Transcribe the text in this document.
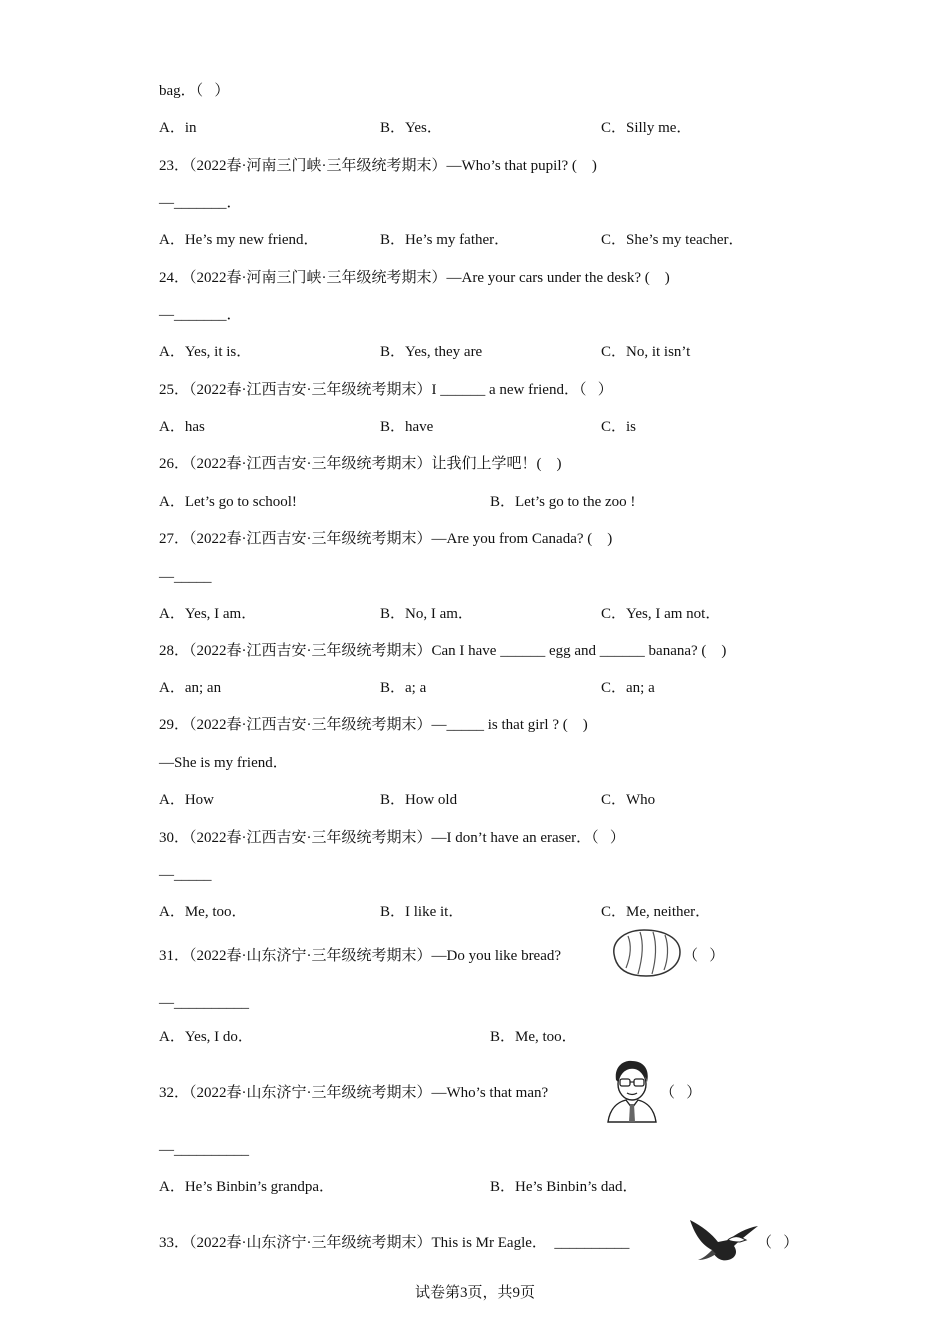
bag．（   ）
A．in	B．Yes．	C．Silly me．
23．（2022春·河南三门峡·三年级统考期末）—Who’s that pupil? (    )
—_______．
A．He’s my new friend．	B．He’s my father．	C．She’s my teacher．
24．（2022春·河南三门峡·三年级统考期末）—Are your cars under the desk? (    )
—_______．
A．Yes, it is．	B．Yes, they are	C．No, it isn’t
25．（2022春·江西吉安·三年级统考期末）I ______ a new friend．（   ）
A．has	B．have	C．is
26．（2022春·江西吉安·三年级统考期末）让我们上学吧！(    )
A．Let’s go to school!	B．Let’s go to the zoo !
27．（2022春·江西吉安·三年级统考期末）—Are you from Canada? (    )
—_____
A．Yes, I am．	B．No, I am．	C．Yes, I am not．
28．（2022春·江西吉安·三年级统考期末）Can I have ______ egg and ______ banana? (    )
A．an; an	B．a; a	C．an; a
29．（2022春·江西吉安·三年级统考期末）—_____ is that girl ? (    )
—She is my friend．
A．How	B．How old	C．Who
30．（2022春·江西吉安·三年级统考期末）—I don’t have an eraser．（   ）
—_____
A．Me, too．	B．I like it．	C．Me, neither．
31．（2022春·山东济宁·三年级统考期末）—Do you like bread?	（   ）
—__________
A．Yes, I do．	B．Me, too．
32．（2022春·山东济宁·三年级统考期末）—Who’s that man?	（   ）
—__________
A．He’s Binbin’s grandpa．	B．He’s Binbin’s dad．
33．（2022春·山东济宁·三年级统考期末）This is Mr Eagle．  __________	（   ）
试卷第3页，共9页
